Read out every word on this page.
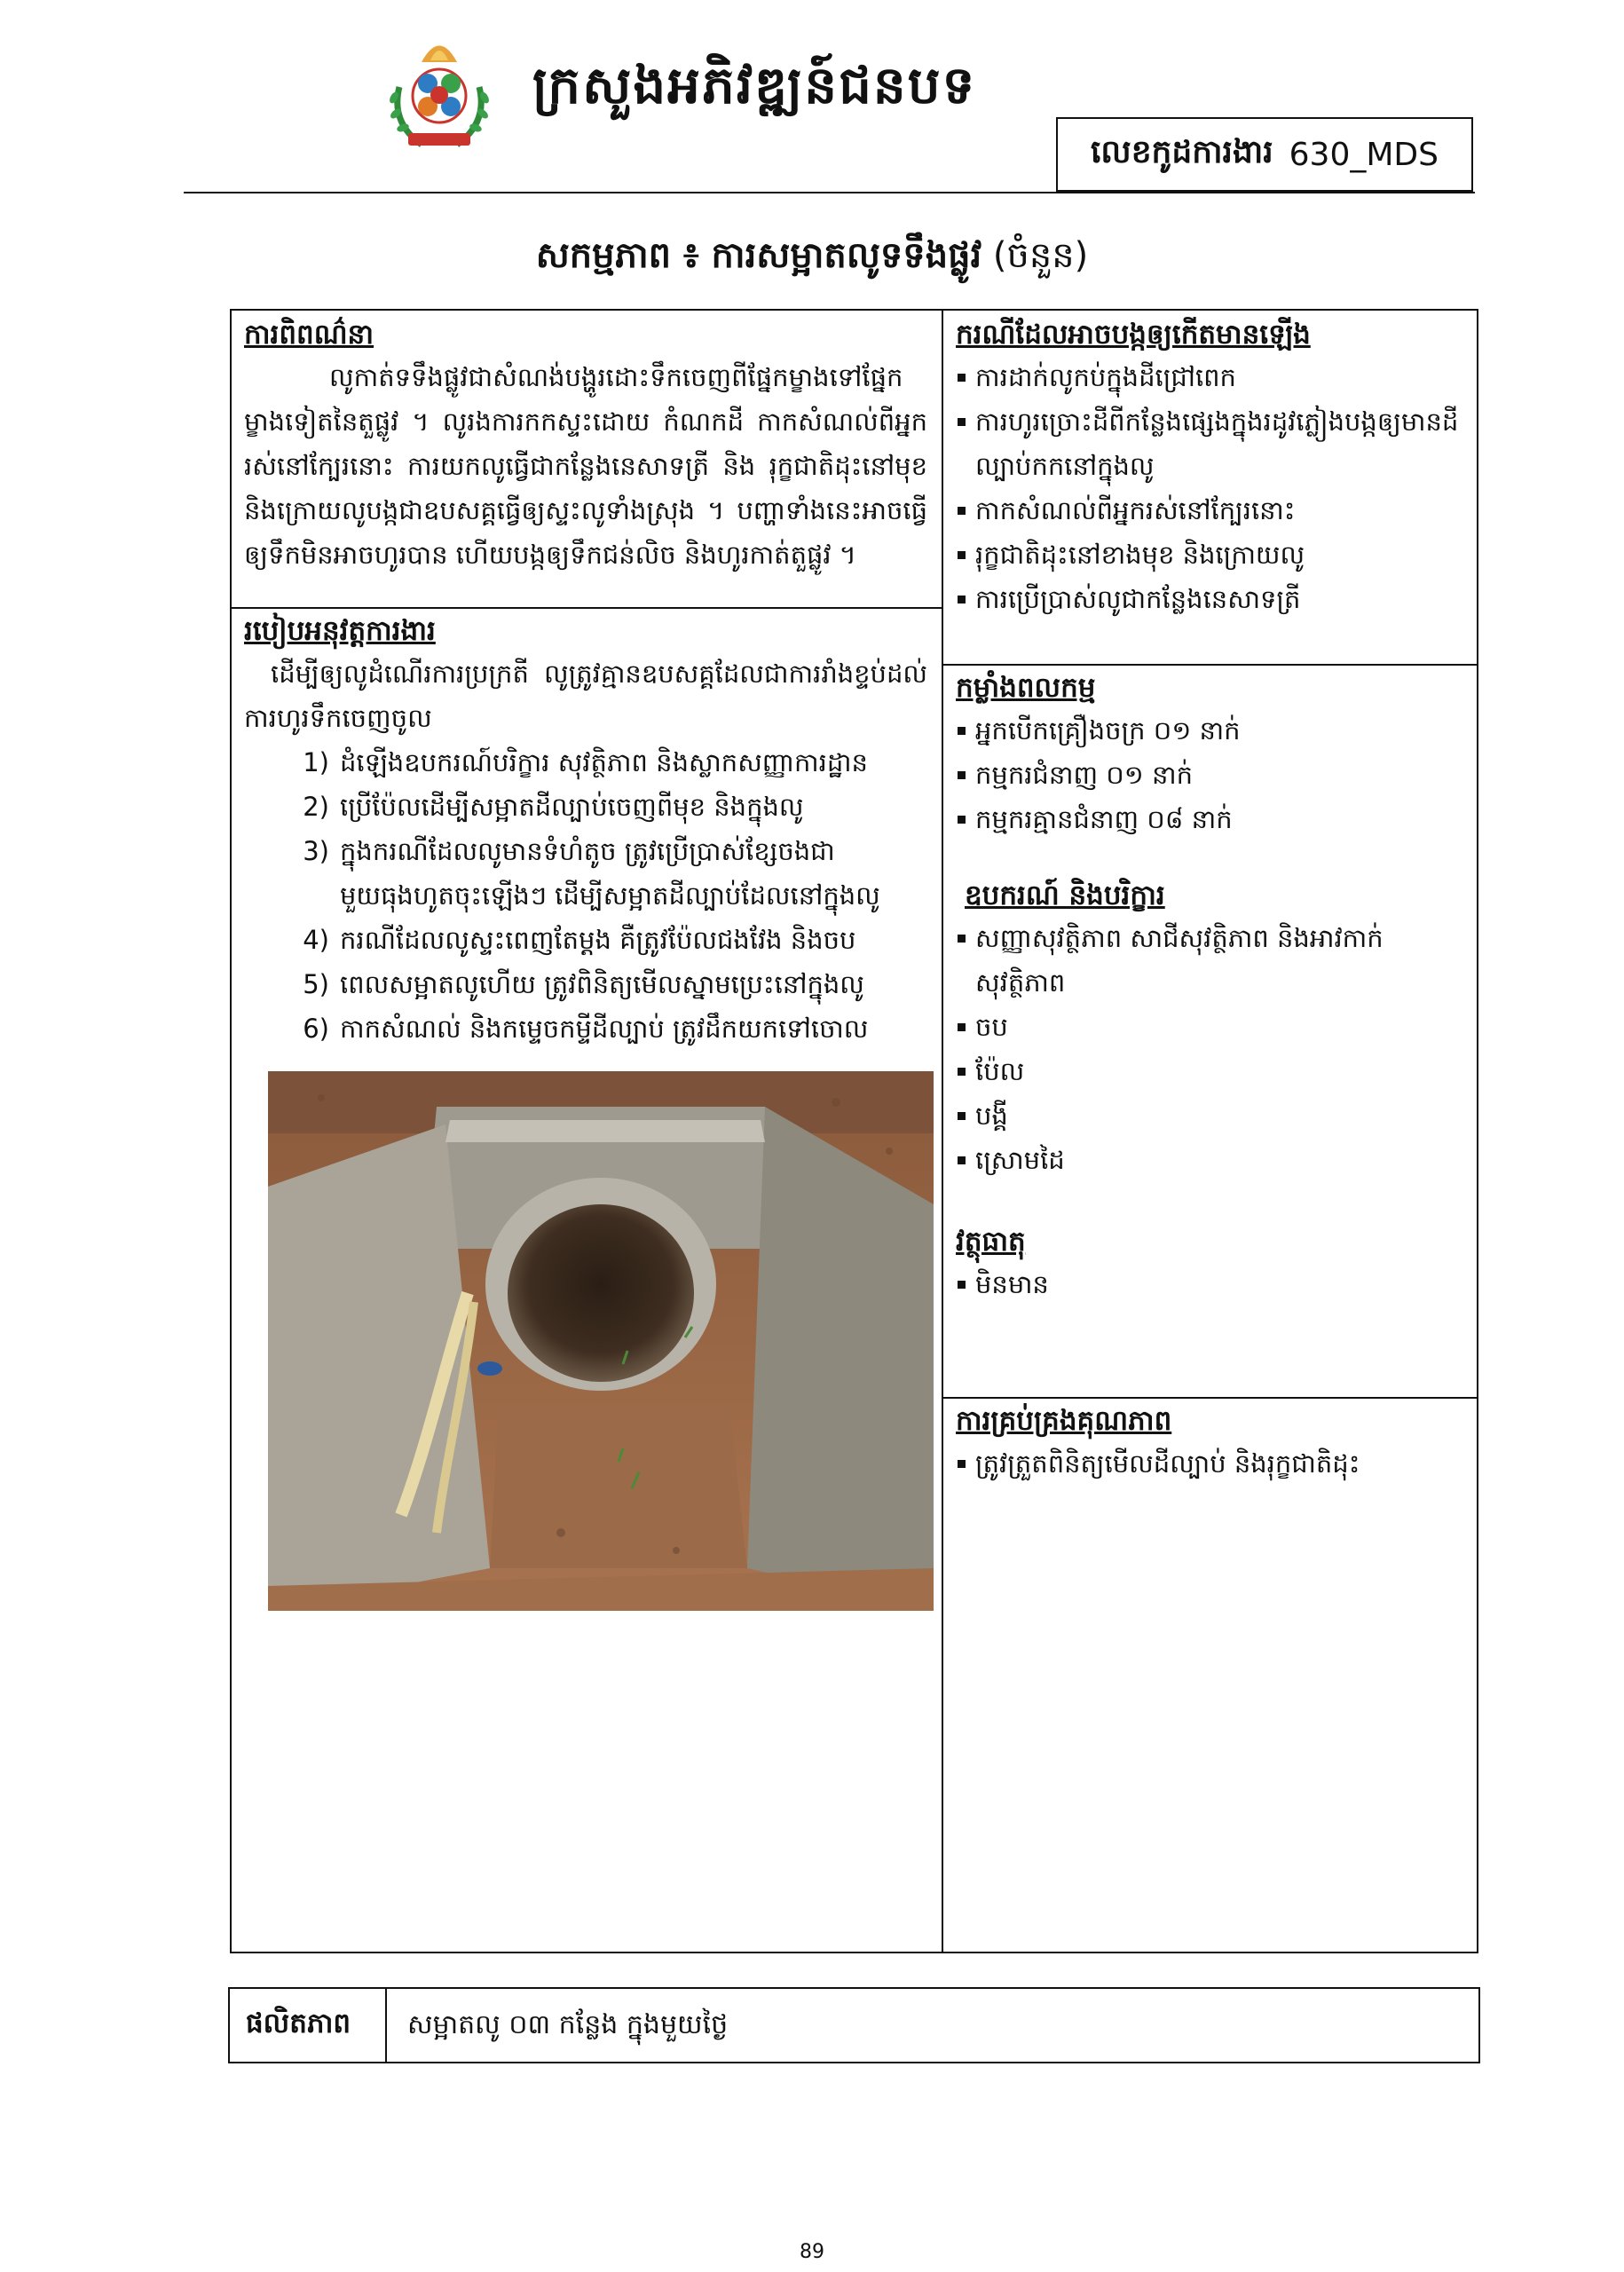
ក្រសួងអភិវឌ្ឍន៍ជនបទ
លេខកូដការងារ 630_MDS
សកម្មភាព ៖ ការសម្អាតលូទទឹងផ្លូវ (ចំនួន)
ការពិពណ៌នា
លូកាត់ទទឹងផ្លូវជាសំណង់បង្ហូរដោះទឹកចេញពីផ្នែកម្ខាងទៅផ្នែកម្ខាងទៀតនៃតួផ្លូវ ។ លូរងការកកស្ទះដោយ កំណកដី កាកសំណល់ពីអ្នករស់នៅក្បែរនោះ ការយកលូធ្វើជាកន្លែងនេសាទត្រី និង រុក្ខជាតិដុះនៅមុខ និងក្រោយលូបង្កជាឧបសគ្គធ្វើឲ្យស្ទះលូទាំងស្រុង ។ បញ្ហាទាំងនេះអាចធ្វើឲ្យទឹកមិនអាចហូរបាន ហើយបង្កឲ្យទឹកជន់លិច និងហូរកាត់តួផ្លូវ ។
របៀបអនុវត្តការងារ
ដើម្បីឲ្យលូដំណើរការប្រក្រតី លូត្រូវគ្មានឧបសគ្គដែលជាការរាំងខ្ទប់ដល់ការហូរទឹកចេញចូល
1) ដំឡើងឧបករណ៍បរិក្ខារ សុវត្ថិភាព និងស្លាកសញ្ញាការដ្ឋាន
2) ប្រើប៉ែលដើម្បីសម្អាតដីល្បាប់ចេញពីមុខ និងក្នុងលូ
3) ក្នុងករណីដែលលូមានទំហំតូច ត្រូវប្រើប្រាស់ខ្សែចងជាមួយធុងហូតចុះឡើងៗ ដើម្បីសម្អាតដីល្បាប់ដែលនៅក្នុងលូ
4) ករណីដែលលូស្ទះពេញតែម្តង គឺត្រូវប៉ែលជងវែង និងចប
5) ពេលសម្អាតលូហើយ ត្រូវពិនិត្យមើលស្នាមប្រេះនៅក្នុងលូ
6) កាកសំណល់ និងកម្ទេចកម្ទីដីល្បាប់ ត្រូវដឹកយកទៅចោល
ករណីដែលអាចបង្កឲ្យកើតមានឡើង
ការដាក់លូកប់ក្នុងដីជ្រៅពេក
ការហូរច្រោះដីពីកន្លែងផ្សេងក្នុងរដូវភ្លៀងបង្កឲ្យមានដីល្បាប់កកនៅក្នុងលូ
កាកសំណល់ពីអ្នករស់នៅក្បែរនោះ
រុក្ខជាតិដុះនៅខាងមុខ និងក្រោយលូ
ការប្រើប្រាស់លូជាកន្លែងនេសាទត្រី
កម្លាំងពលកម្ម
អ្នកបើកគ្រឿងចក្រ ០១ នាក់
កម្មករជំនាញ ០១ នាក់
កម្មករគ្មានជំនាញ ០៨ នាក់
ឧបករណ៍ និងបរិក្ខារ
សញ្ញាសុវត្ថិភាព សាជីសុវត្ថិភាព និងអាវកាក់សុវត្ថិភាព
ចប
ប៉ែល
បង្គី
ស្រោមដៃ
វត្ថុធាតុ
មិនមាន
ការគ្រប់គ្រងគុណភាព
ត្រូវត្រួតពិនិត្យមើលដីល្បាប់ និងរុក្ខជាតិដុះ
ផលិតភាព សម្អាតលូ ០៣ កន្លែង ក្នុងមួយថ្ងៃ
89
